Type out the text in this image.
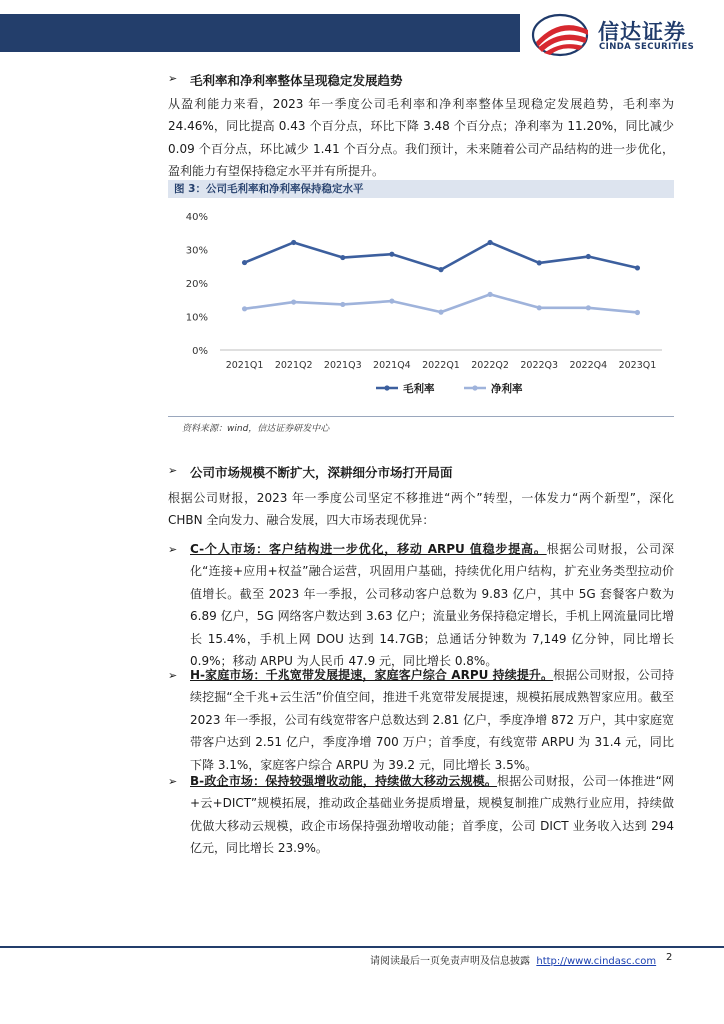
信达证券
CINDA SECURITIES
➢ 毛利率和净利率整体呈现稳定发展趋势
从盈利能力来看，2023 年一季度公司毛利率和净利率整体呈现稳定发展趋势，毛利率为 24.46%，同比提高 0.43 个百分点，环比下降 3.48 个百分点；净利率为 11.20%，同比减少 0.09 个百分点，环比减少 1.41 个百分点。我们预计，未来随着公司产品结构的进一步优化，盈利能力有望保持稳定水平并有所提升。
图 3：公司毛利率和净利率保持稳定水平
0%
10%
20%
30%
40%
2021Q1 2021Q2 2021Q3 2021Q4 2022Q1 2022Q2 2022Q3 2022Q4 2023Q1
毛利率	净利率
资料来源：wind，信达证券研发中心
➢ 公司市场规模不断扩大，深耕细分市场打开局面
根据公司财报，2023 年一季度公司坚定不移推进“两个”转型，一体发力“两个新型”，深化 CHBN 全向发力、融合发展，四大市场表现优异：
➢ C-个人市场：客户结构进一步优化，移动 ARPU 值稳步提高。根据公司财报，公司深化“连接+应用+权益”融合运营，巩固用户基础，持续优化用户结构，扩充业务类型拉动价值增长。截至 2023 年一季报，公司移动客户总数为 9.83 亿户，其中 5G 套餐客户数为 6.89 亿户，5G 网络客户数达到 3.63 亿户；流量业务保持稳定增长，手机上网流量同比增长 15.4%，手机上网 DOU 达到 14.7GB；总通话分钟数为 7,149 亿分钟，同比增长 0.9%；移动 ARPU 为人民币 47.9 元，同比增长 0.8%。
➢ H-家庭市场：千兆宽带发展提速，家庭客户综合 ARPU 持续提升。根据公司财报，公司持续挖掘“全千兆+云生活”价值空间，推进千兆宽带发展提速，规模拓展成熟智家应用。截至 2023 年一季报，公司有线宽带客户总数达到 2.81 亿户，季度净增 872 万户，其中家庭宽带客户达到 2.51 亿户，季度净增 700 万户；首季度，有线宽带 ARPU 为 31.4 元，同比下降 3.1%，家庭客户综合 ARPU 为 39.2 元，同比增长 3.5%。
➢ B-政企市场：保持较强增收动能，持续做大移动云规模。根据公司财报，公司一体推进“网+云+DICT”规模拓展，推动政企基础业务提质增量，规模复制推广成熟行业应用，持续做优做大移动云规模，政企市场保持强劲增收动能；首季度，公司 DICT 业务收入达到 294 亿元，同比增长 23.9%。
请阅读最后一页免责声明及信息披露 http://www.cindasc.com 2
